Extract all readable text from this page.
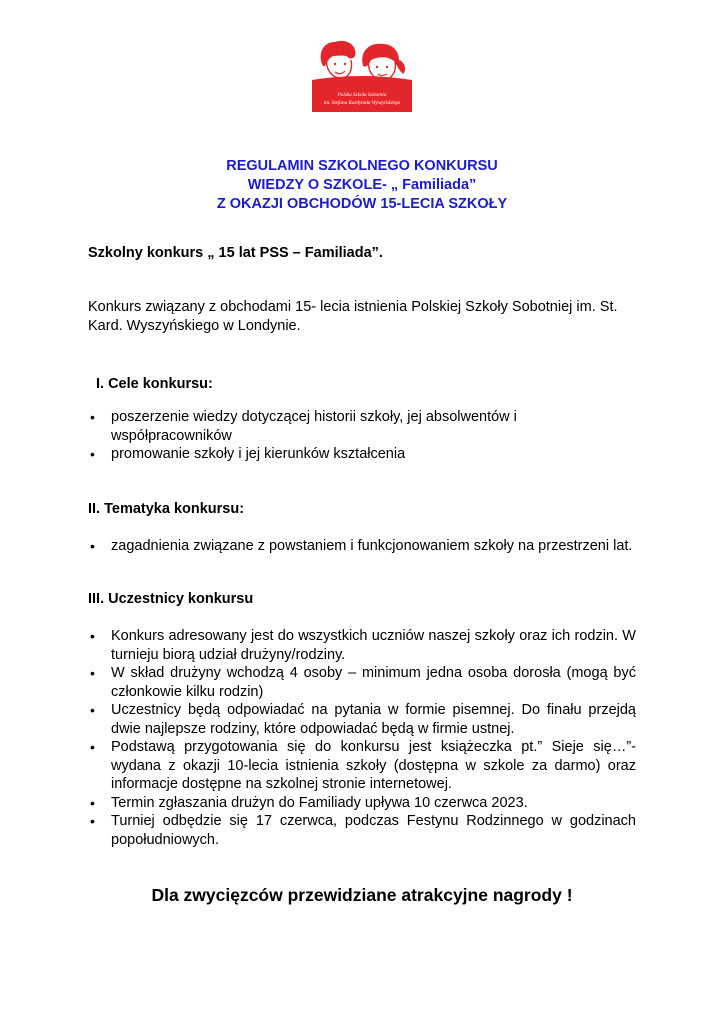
Polska Szkoła Sobotnia
im. Stefana Kardynała Wyszyńskiego
REGULAMIN SZKOLNEGO KONKURSU
WIEDZY O SZKOLE- „ Familiada”
Z OKAZJI OBCHODÓW 15-LECIA SZKOŁY
Szkolny konkurs „ 15 lat PSS – Familiada”.
Konkurs związany z obchodami 15- lecia istnienia Polskiej Szkoły Sobotniej im. St. Kard. Wyszyńskiego w Londynie.
I. Cele konkursu:
• poszerzenie wiedzy dotyczącej historii szkoły, jej absolwentów i współpracowników
• promowanie szkoły i jej kierunków kształcenia
II. Tematyka konkursu:
• zagadnienia związane z powstaniem i funkcjonowaniem szkoły na przestrzeni lat.
III. Uczestnicy konkursu
• Konkurs adresowany jest do wszystkich uczniów naszej szkoły oraz ich rodzin. W turnieju biorą udział drużyny/rodziny.
• W skład drużyny wchodzą 4 osoby – minimum jedna osoba dorosła (mogą być członkowie kilku rodzin)
• Uczestnicy będą odpowiadać na pytania w formie pisemnej. Do finału przejdą dwie najlepsze rodziny, które odpowiadać będą w firmie ustnej.
• Podstawą przygotowania się do konkursu jest książeczka pt.” Sieje się…”- wydana z okazji 10-lecia istnienia szkoły (dostępna w szkole za darmo) oraz informacje dostępne na szkolnej stronie internetowej.
• Termin zgłaszania drużyn do Familiady upływa 10 czerwca 2023.
• Turniej odbędzie się 17 czerwca, podczas Festynu Rodzinnego w godzinach popołudniowych.
Dla zwycięzców przewidziane atrakcyjne nagrody !
